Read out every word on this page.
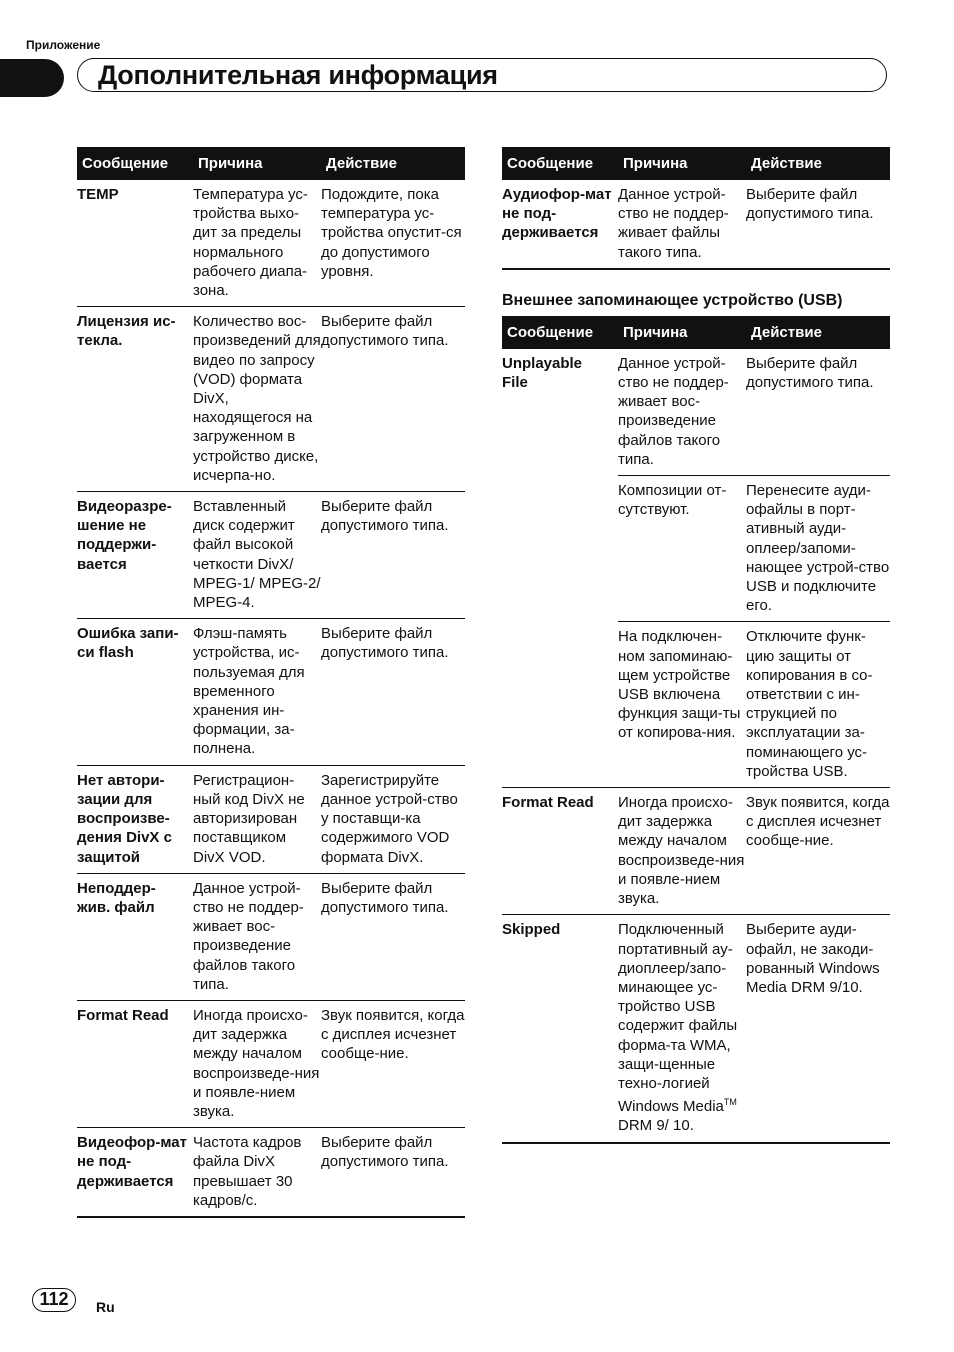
Приложение
Дополнительная информация
Сообщение	Причина	Действие
TEMP	Температура ус-тройства выхо-дит за пределы нормального рабочего диапа-зона.	Подождите, пока температура ус-тройства опустит-ся до допустимого уровня.
Лицензия ис-текла.	Количество вос-произведений для видео по запросу (VOD) формата DivX, находящегося на загруженном в устройство диске, исчерпа-но.	Выберите файл допустимого типа.
Видеоразре-шение не поддержи-вается	Вставленный диск содержит файл высокой четкости DivX/ MPEG-1/ MPEG-2/ MPEG-4.	Выберите файл допустимого типа.
Ошибка запи-си flash	Флэш-память устройства, ис-пользуемая для временного хранения ин-формации, за-полнена.	Выберите файл допустимого типа.
Нет автори-зации для воспроизве-дения DivX с защитой	Регистрацион-ный код DivX не авторизирован поставщиком DivX VOD.	Зарегистрируйте данное устрой-ство у поставщи-ка содержимого VOD формата DivX.
Неподдер-жив. файл	Данное устрой-ство не поддер-живает вос-произведение файлов такого типа.	Выберите файл допустимого типа.
Format Read	Иногда происхо-дит задержка между началом воспроизведе-ния и появле-нием звука.	Звук появится, когда с дисплея исчезнет сообще-ние.
Видеофор-мат не под-держивается	Частота кадров файла DivX превышает 30 кадров/с.	Выберите файл допустимого типа.
Сообщение	Причина	Действие
Аудиофор-мат не под-держивается	Данное устрой-ство не поддер-живает файлы такого типа.	Выберите файл допустимого типа.
Внешнее запоминающее устройство (USB)
Сообщение	Причина	Действие
Unplayable File	Данное устрой-ство не поддер-живает вос-произведение файлов такого типа.	Выберите файл допустимого типа.
	Композиции от-сутствуют.	Перенесите ауди-офайлы в порт-ативный ауди-оплеер/запоми-нающее устрой-ство USB и подключите его.
	На подключен-ном запоминаю-щем устройстве USB включена функция защи-ты от копирова-ния.	Отключите функ-цию защиты от копирования в со-ответствии с ин-струкцией по эксплуатации за-поминающего ус-тройства USB.
Format Read	Иногда происхо-дит задержка между началом воспроизведе-ния и появле-нием звука.	Звук появится, когда с дисплея исчезнет сообще-ние.
Skipped	Подключенный портативный ау-диоплеер/запо-минающее ус-тройство USB содержит файлы форма-та WMA, защи-щенные техно-логией Windows Media™ DRM 9/ 10.	Выберите ауди-офайл, не закоди-рованный Windows Media DRM 9/10.
112	Ru
